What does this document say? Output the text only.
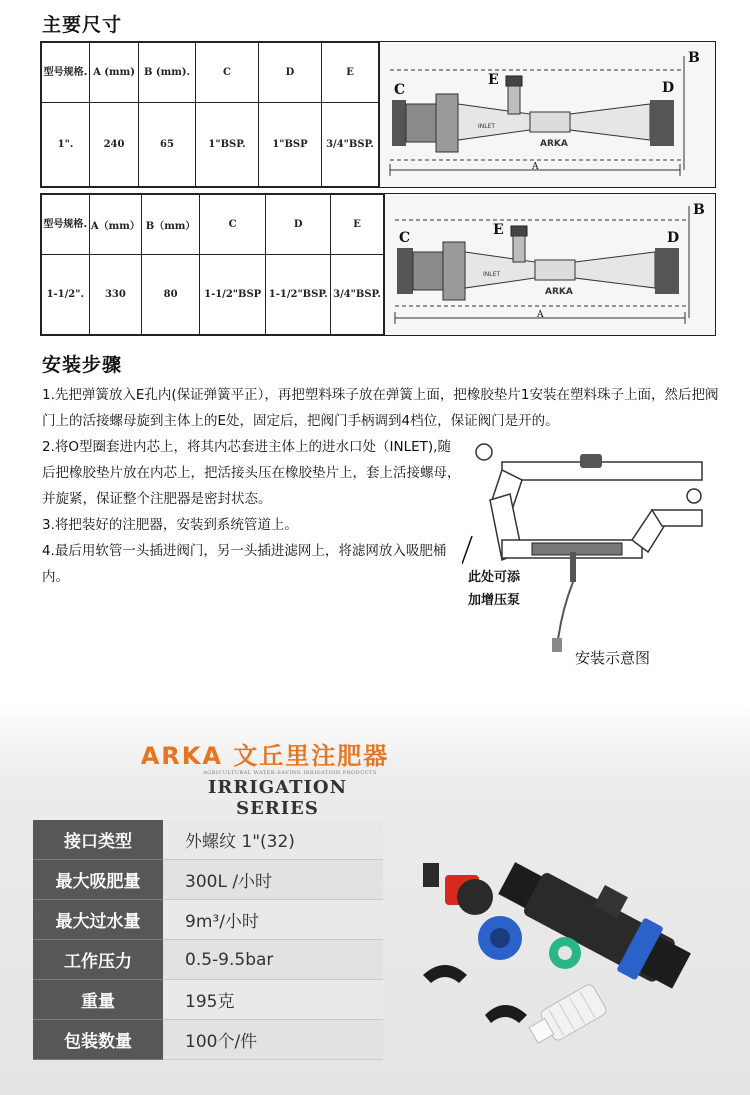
主要尺寸
型号规格.	A (mm)	B (mm).	C	D	E
1".	240	65	1"BSP.	1"BSP	3/4"BSP.
B
C
E	D
INLET
ARKA
A
型号规格.	A（mm）	B（mm）	C	D	E
1-1/2".	330	80	1-1/2"BSP	1-1/2"BSP.	3/4"BSP.
B
C	E	D
INLET
ARKA
A
安装步骤

1.先把弹簧放入E孔内(保证弹簧平正），再把塑料珠子放在弹簧上面，把橡胶垫片1安装在塑料珠子上面，然后把阀门上的活接螺母旋到主体上的E处，固定后，把阀门手柄调到4档位，保证阀门是开的。

2.将O型圈套进内芯上，将其内芯套进主体上的进水口处（INLET),随后把橡胶垫片放在内芯上，把活接头压在橡胶垫片上，套上活接螺母，并旋紧，保证整个注肥器是密封状态。

3.将把装好的注肥器，安装到系统管道上。

4.最后用软管一头插进阀门，另一头插进滤网上，将滤网放入吸肥桶内。	此处可添
加增压泵
安装示意图
ARKA 文丘里注肥器
AGRICULTURAL WATER-SAVING IRRIGATION PRODUCTS
IRRIGATION SERIES
接口类型	外螺纹 1"(32)
最大吸肥量	300L /小时
最大过水量	9m³/小时
工作压力	0.5-9.5bar
重量	195克
包装数量	100个/件
